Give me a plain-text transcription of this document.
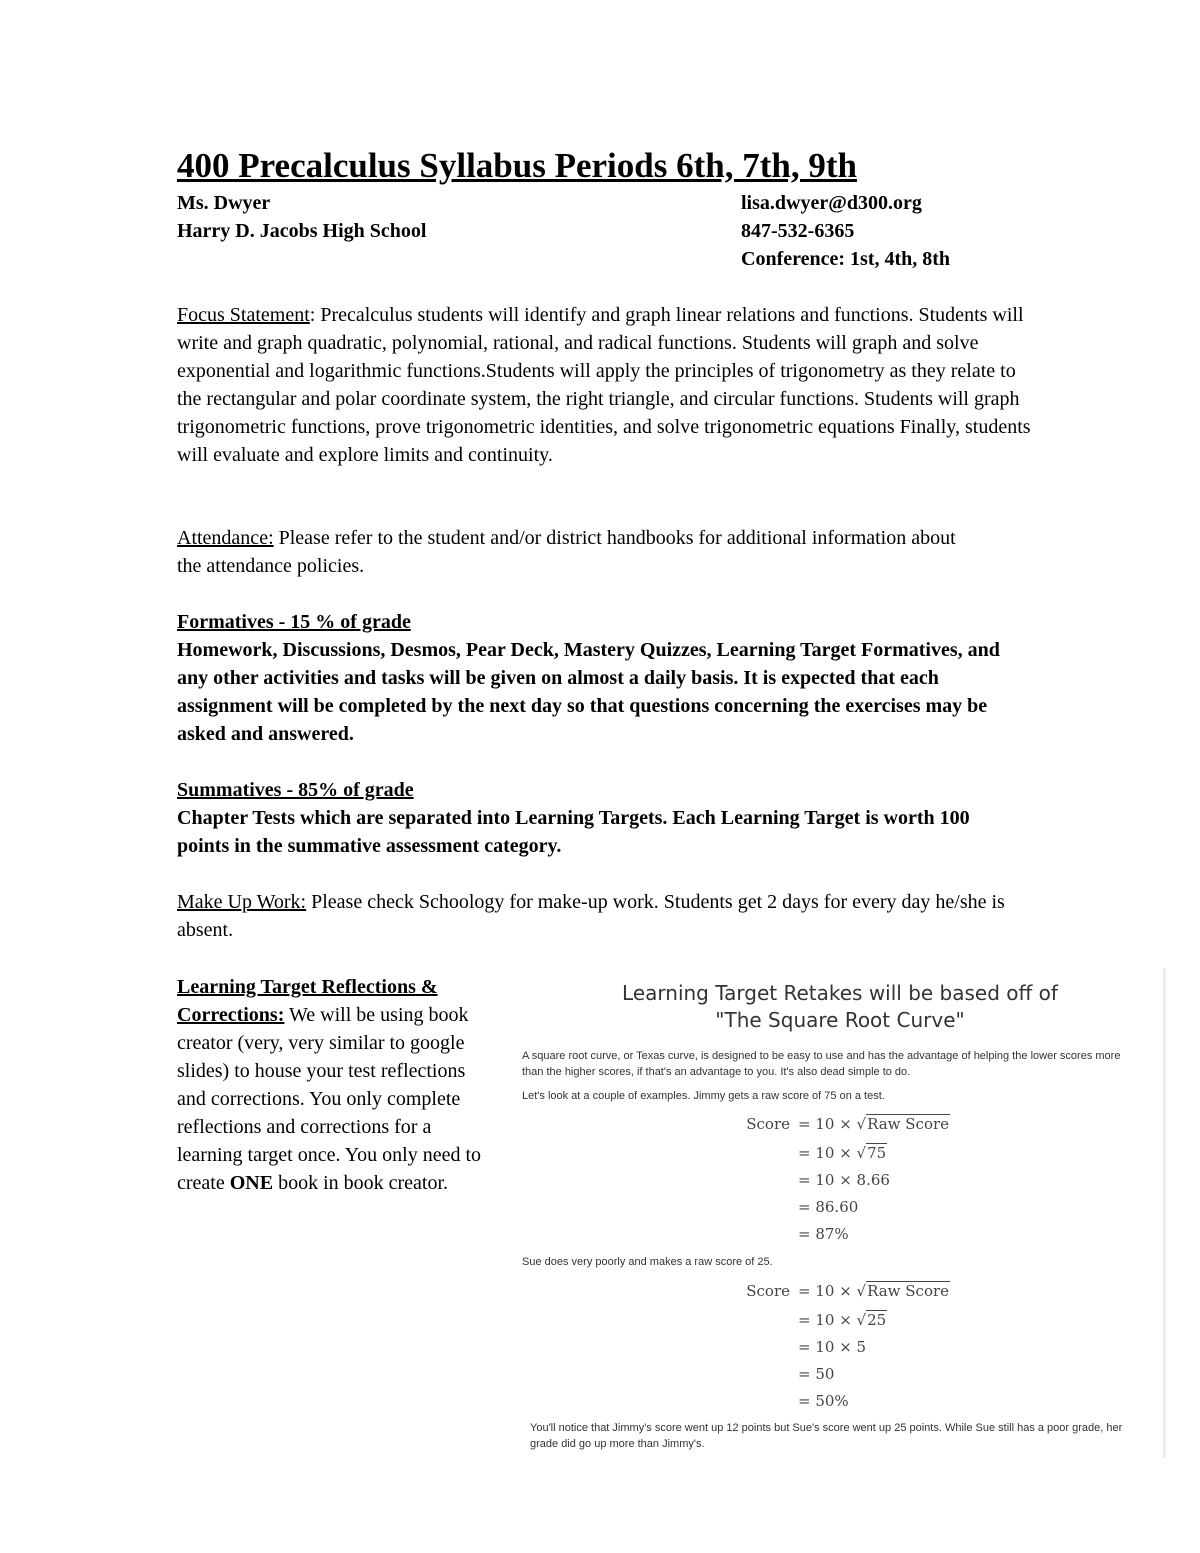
400 Precalculus Syllabus Periods 6th, 7th, 9th
Ms. Dwyer
Harry D. Jacobs High School
lisa.dwyer@d300.org
847-532-6365
Conference: 1st, 4th, 8th

Focus Statement: Precalculus students will identify and graph linear relations and functions. Students will write and graph quadratic, polynomial, rational, and radical functions. Students will graph and solve exponential and logarithmic functions.Students will apply the principles of trigonometry as they relate to the rectangular and polar coordinate system, the right triangle, and circular functions. Students will graph trigonometric functions, prove trigonometric identities, and solve trigonometric equations Finally, students will evaluate and explore limits and continuity.

Attendance: Please refer to the student and/or district handbooks for additional information about the attendance policies.

Formatives - 15 % of grade
Homework, Discussions, Desmos, Pear Deck, Mastery Quizzes, Learning Target Formatives, and any other activities and tasks will be given on almost a daily basis. It is expected that each assignment will be completed by the next day so that questions concerning the exercises may be asked and answered.
Summatives - 85% of grade
Chapter Tests which are separated into Learning Targets. Each Learning Target is worth 100 points in the summative assessment category.

Make Up Work: Please check Schoology for make-up work. Students get 2 days for every day he/she is absent.

Learning Target Reflections & Corrections: We will be using book creator (very, very similar to google slides) to house your test reflections and corrections. You only complete reflections and corrections for a learning target once. You only need to create ONE book in book creator.

Learning Target Retakes will be based off of
"The Square Root Curve"

A square root curve, or Texas curve, is designed to be easy to use and has the advantage of helping the lower scores more

than the higher scores, if that's an advantage to you. It's also dead simple to do.

Let's look at a couple of examples. Jimmy gets a raw score of 75 on a test.

Score = 10 × √Raw Score
= 10 × √75
= 10 × 8.66
= 86.60
= 87%

Sue does very poorly and makes a raw score of 25.

Score = 10 × √Raw Score
= 10 × √25
= 10 × 5
= 50
= 50%

You'll notice that Jimmy's score went up 12 points but Sue's score went up 25 points. While Sue still has a poor grade, her

grade did go up more than Jimmy's.
